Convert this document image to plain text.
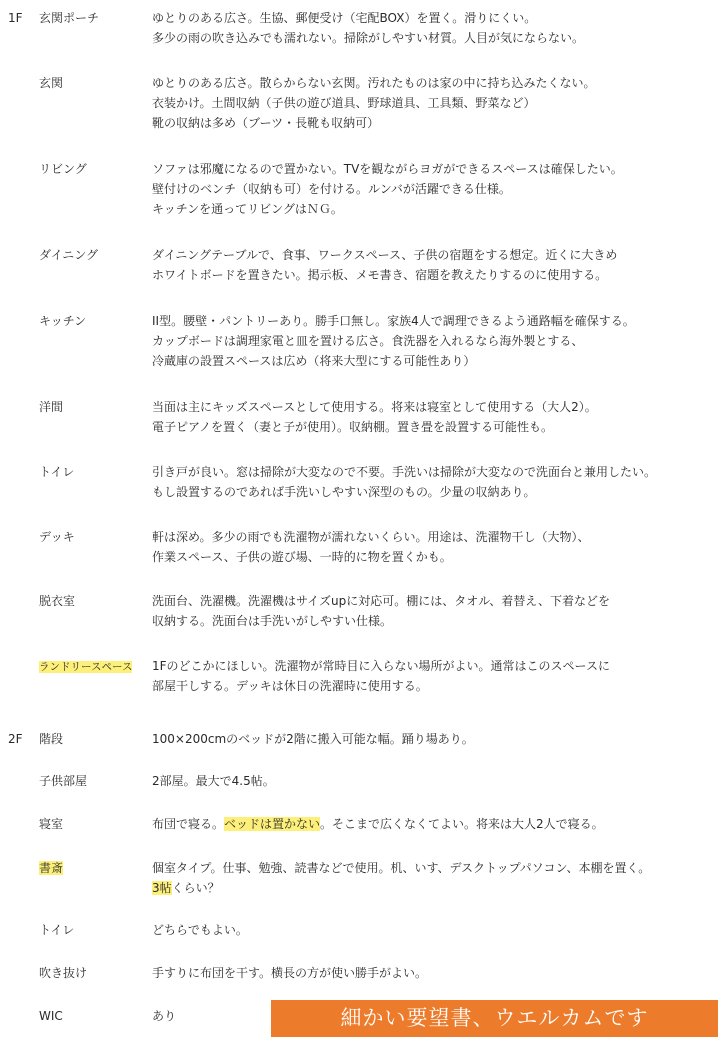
1F 玄関ポーチ	ゆとりのある広さ。生協、郵便受け（宅配BOX）を置く。滑りにくい。
多少の雨の吹き込みでも濡れない。掃除がしやすい材質。人目が気にならない。
玄関	ゆとりのある広さ。散らからない玄関。汚れたものは家の中に持ち込みたくない。
衣装かけ。土間収納（子供の遊び道具、野球道具、工具類、野菜など）
靴の収納は多め（ブーツ・長靴も収納可）
リビング	ソファは邪魔になるので置かない。TVを観ながらヨガができるスペースは確保したい。
壁付けのベンチ（収納も可）を付ける。ルンバが活躍できる仕様。
キッチンを通ってリビングはＮＧ。
ダイニング	ダイニングテーブルで、食事、ワークスペース、子供の宿題をする想定。近くに大きめ
ホワイトボードを置きたい。掲示板、メモ書き、宿題を教えたりするのに使用する。
キッチン	II型。腰壁・パントリーあり。勝手口無し。家族4人で調理できるよう通路幅を確保する。
カップボードは調理家電と皿を置ける広さ。食洗器を入れるなら海外製とする、
冷蔵庫の設置スペースは広め（将来大型にする可能性あり）
洋間	当面は主にキッズスペースとして使用する。将来は寝室として使用する（大人2）。
電子ピアノを置く（妻と子が使用）。収納棚。置き畳を設置する可能性も。
トイレ	引き戸が良い。窓は掃除が大変なので不要。手洗いは掃除が大変なので洗面台と兼用したい。
もし設置するのであれば手洗いしやすい深型のもの。少量の収納あり。
デッキ	軒は深め。多少の雨でも洗濯物が濡れないくらい。用途は、洗濯物干し（大物）、
作業スペース、子供の遊び場、一時的に物を置くかも。
脱衣室	洗面台、洗濯機。洗濯機はサイズupに対応可。棚には、タオル、着替え、下着などを
収納する。洗面台は手洗いがしやすい仕様。
ランドリースペース 1Fのどこかにほしい。洗濯物が常時目に入らない場所がよい。通常はこのスペースに
部屋干しする。デッキは休日の洗濯時に使用する。
2F 階段	100×200cmのベッドが2階に搬入可能な幅。踊り場あり。
子供部屋	2部屋。最大で4.5帖。
寝室	布団で寝る。ベッドは置かない。そこまで広くなくてよい。将来は大人2人で寝る。
書斎	個室タイプ。仕事、勉強、読書などで使用。机、いす、デスクトップパソコン、本棚を置く。
3帖くらい？
トイレ	どちらでもよい。
吹き抜け	手すりに布団を干す。横長の方が使い勝手がよい。
WIC	あり	細かい要望書、ウエルカムです
